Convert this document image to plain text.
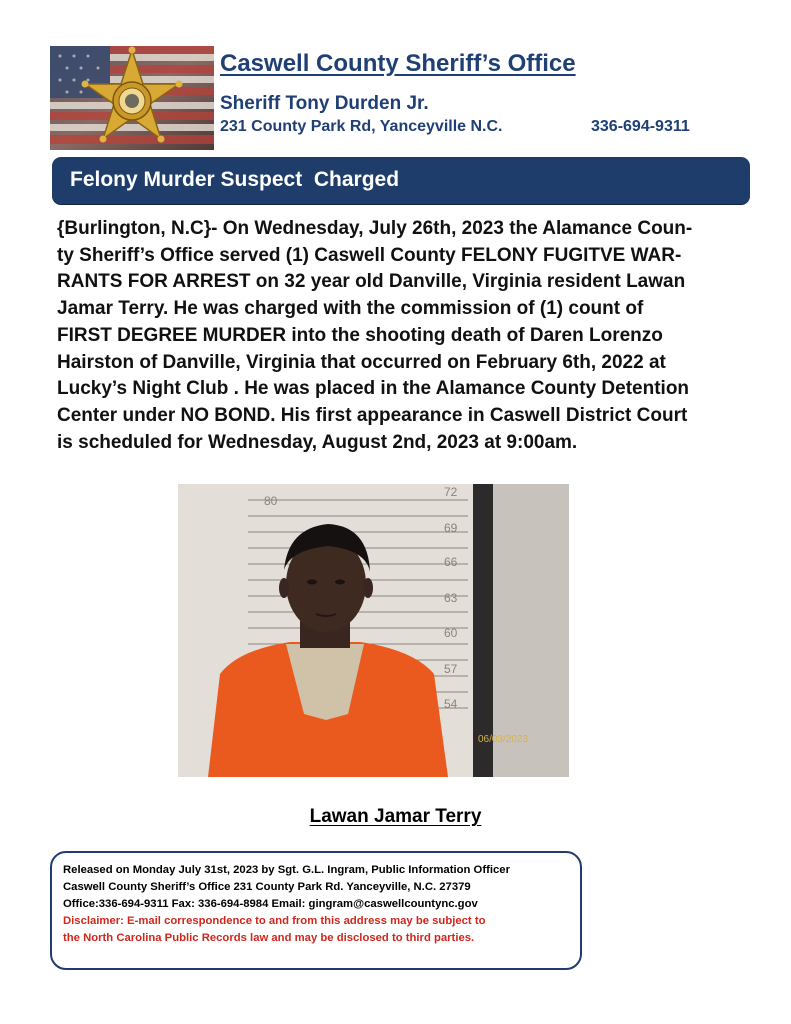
Caswell County Sheriff’s Office
Sheriff Tony Durden Jr.
231 County Park Rd, Yanceyville N.C.	336-694-9311
Felony Murder Suspect  Charged
{Burlington, N.C}- On Wednesday, July 26th, 2023 the Alamance Coun-
ty Sheriff’s Office served (1) Caswell County FELONY FUGITVE WAR-
RANTS FOR ARREST on 32 year old Danville, Virginia resident Lawan
Jamar Terry. He was charged with the commission of (1) count of
FIRST DEGREE MURDER into the shooting death of Daren Lorenzo
Hairston of Danville, Virginia that occurred on February 6th, 2022 at
Lucky’s Night Club . He was placed in the Alamance County Detention
Center under NO BOND. His first appearance in Caswell District Court
is scheduled for Wednesday, August 2nd, 2023 at 9:00am.
72
69
66
63
60
57
54
80
06/03/2023
Lawan Jamar Terry
Released on Monday July 31st, 2023 by Sgt. G.L. Ingram, Public Information Officer
Caswell County Sheriff’s Office 231 County Park Rd. Yanceyville, N.C. 27379
Office:336-694-9311 Fax: 336-694-8984 Email: gingram@caswellcountync.gov
Disclaimer: E-mail correspondence to and from this address may be subject to
the North Carolina Public Records law and may be disclosed to third parties.
